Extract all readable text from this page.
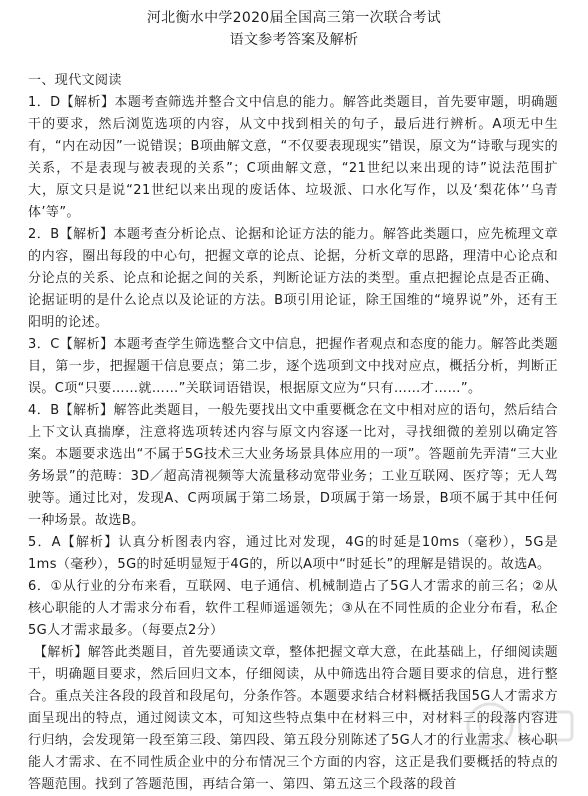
河北衡水中学2020届全国高三第一次联合考试

语文参考答案及解析

一、现代文阅读

1．D【解析】本题考查筛选并整合文中信息的能力。解答此类题目，首先要审题，明确题干的要求，然后浏览选项的内容，从文中找到相关的句子，最后进行辨析。A项无中生有，“内在动因”一说错误；B项曲解文意，“不仅要表现现实”错误，原文为“诗歌与现实的关系，不是表现与被表现的关系”；C项曲解文意，“21世纪以来出现的诗”说法范围扩大，原文只是说“21世纪以来出现的废话体、垃圾派、口水化写作，以及‘梨花体’‘乌青体’等”。

2．B【解析】本题考查分析论点、论据和论证方法的能力。解答此类题口，应先梳理文章的内容，圈出每段的中心句，把握文章的论点、论据，分析文章的思路，理清中心论点和分论点的关系、论点和论据之间的关系，判断论证方法的类型。重点把握论点是否正确、论据证明的是什么论点以及论证的方法。B项引用论证，除王国维的“境界说”外，还有王阳明的论述。

3．C【解析】本题考查学生筛选整合文中信息，把握作者观点和态度的能力。解答此类题目，第一步，把握题干信息要点；第二步，逐个选项到文中找对应点，概括分析，判断正误。C项“只要……就……”关联词语错误，根据原文应为“只有……才……”。

4．B【解析】解答此类题目，一般先要找出文中重要概念在文中相对应的语句，然后结合上下文认真揣摩，注意将选项转述内容与原文内容逐一比对，寻找细微的差别以确定答案。本题要求选出“不属于5G技术三大业务场景具体应用的一项”。答题前先弄清“三大业务场景”的范畴：3D／超高清视频等大流量移动宽带业务；工业互联网、医疗等；无人驾驶等。通过比对，发现A、C两项属于第二场景，D项属于第一场景，B项不属于其中任何一种场景。故选B。

5．A【解析】认真分析图表内容，通过比对发现，4G的时延是10ms（毫秒），5G是1ms（毫秒），5G的时延明显短于4G的，所以A项中“时延长”的理解是错误的。故选A。

6．①从行业的分布来看，互联网、电子通信、机械制造占了5G人才需求的前三名；②从核心职能的人才需求分布看，软件工程师遥遥领先；③从在不同性质的企业分布看，私企5G人才需求最多。（每要点2分）

【解析】解答此类题目，首先要通读文章，整体把握文章大意，在此基础上，仔细阅读题干，明确题目要求，然后回归文本，仔细阅读，从中筛选出符合题目要求的信息，进行整合。重点关注各段的段首和段尾句，分条作答。本题要求结合材料概括我国5G人才需求方面呈现出的特点，通过阅读文本，可知这些特点集中在材料三中，对材料三的段落内容进行归纳，会发现第一段至第三段、第四段、第五段分别陈述了5G人才的行业需求、核心职能人才需求、在不同性质企业中的分布情况三个方面的内容，这正是我们要概括的特点的答题范围。找到了答题范围，再结合第一、第四、第五这三个段落的段首
